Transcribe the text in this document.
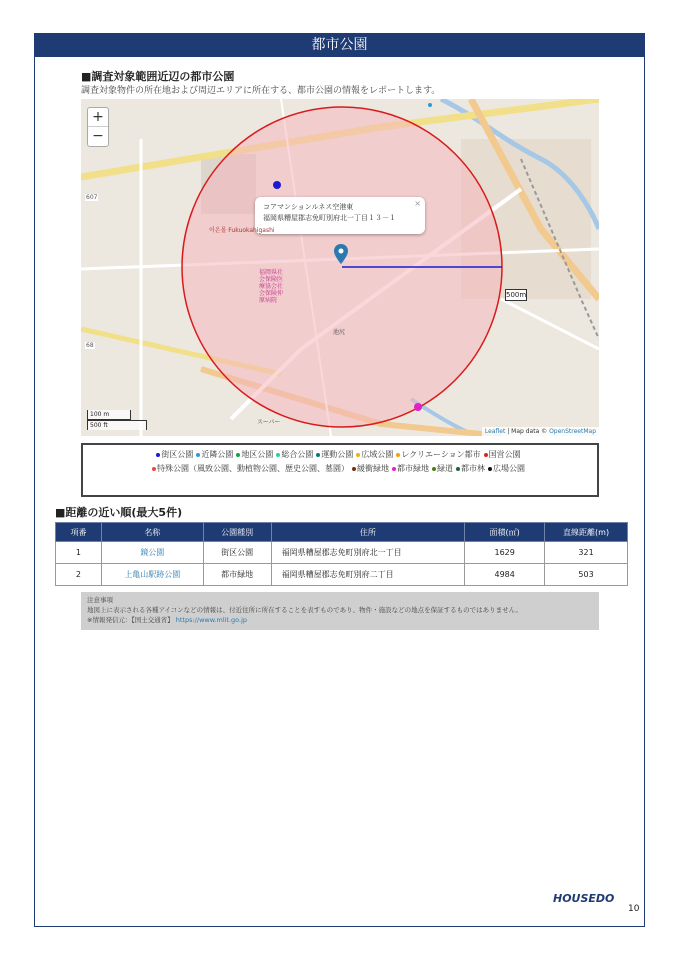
都市公園
■調査対象範囲近辺の都市公園
調査対象物件の所在地および周辺エリアに所在する、都市公園の情報をレポートします。
+
−
×
コアマンションルネス空港東
福岡県糟屋郡志免町別府北一丁目１３－１
500m
607
68
이온몰 Fukuokahigashi
福岡県社
会保険医
療協会社
会保険仲
原病院
池尻
スーパー
100 m
500 ft
Leaflet | Map data © OpenStreetMap
項番	名称	公園種別	住所	面積(㎡)	直線距離(m)
1	鏡公園	街区公園	福岡県糟屋郡志免町別府北一丁目	1629	321
2	上亀山駅跡公園	都市緑地	福岡県糟屋郡志免町別府二丁目	4984	503
■距離の近い順(最大5件)
街区公園 近隣公園 地区公園 総合公園 運動公園 広域公園 レクリエーション都市 国営公園特殊公園（風致公園、動植物公園、歴史公園、墓園） 緩衝緑地 都市緑地 緑道 都市林 広場公園
注意事項
地図上に表示される各種アイコンなどの情報は、付近住所に所在することを表すものであり、物件・施設などの地点を保証するものではありません。
※情報発信元：【国土交通省】 https://www.mlit.go.jp
HOUSEDO
10
